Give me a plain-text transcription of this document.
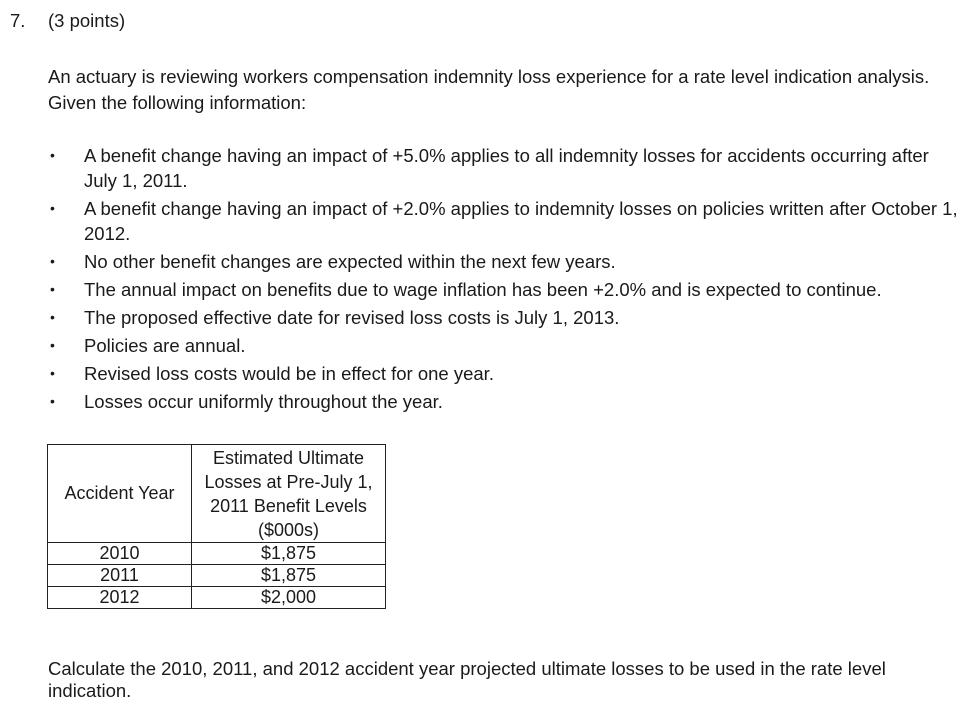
7. (3 points)
An actuary is reviewing workers compensation indemnity loss experience for a rate level indication analysis. Given the following information:
• A benefit change having an impact of +5.0% applies to all indemnity losses for accidents occurring after July 1, 2011.
• A benefit change having an impact of +2.0% applies to indemnity losses on policies written after October 1, 2012.
• No other benefit changes are expected within the next few years.
• The annual impact on benefits due to wage inflation has been +2.0% and is expected to continue.
• The proposed effective date for revised loss costs is July 1, 2013.
• Policies are annual.
• Revised loss costs would be in effect for one year.
• Losses occur uniformly throughout the year.
Accident Year	Estimated Ultimate Losses at Pre-July 1, 2011 Benefit Levels ($000s)
2010	$1,875
2011	$1,875
2012	$2,000
Calculate the 2010, 2011, and 2012 accident year projected ultimate losses to be used in the rate level indication.
